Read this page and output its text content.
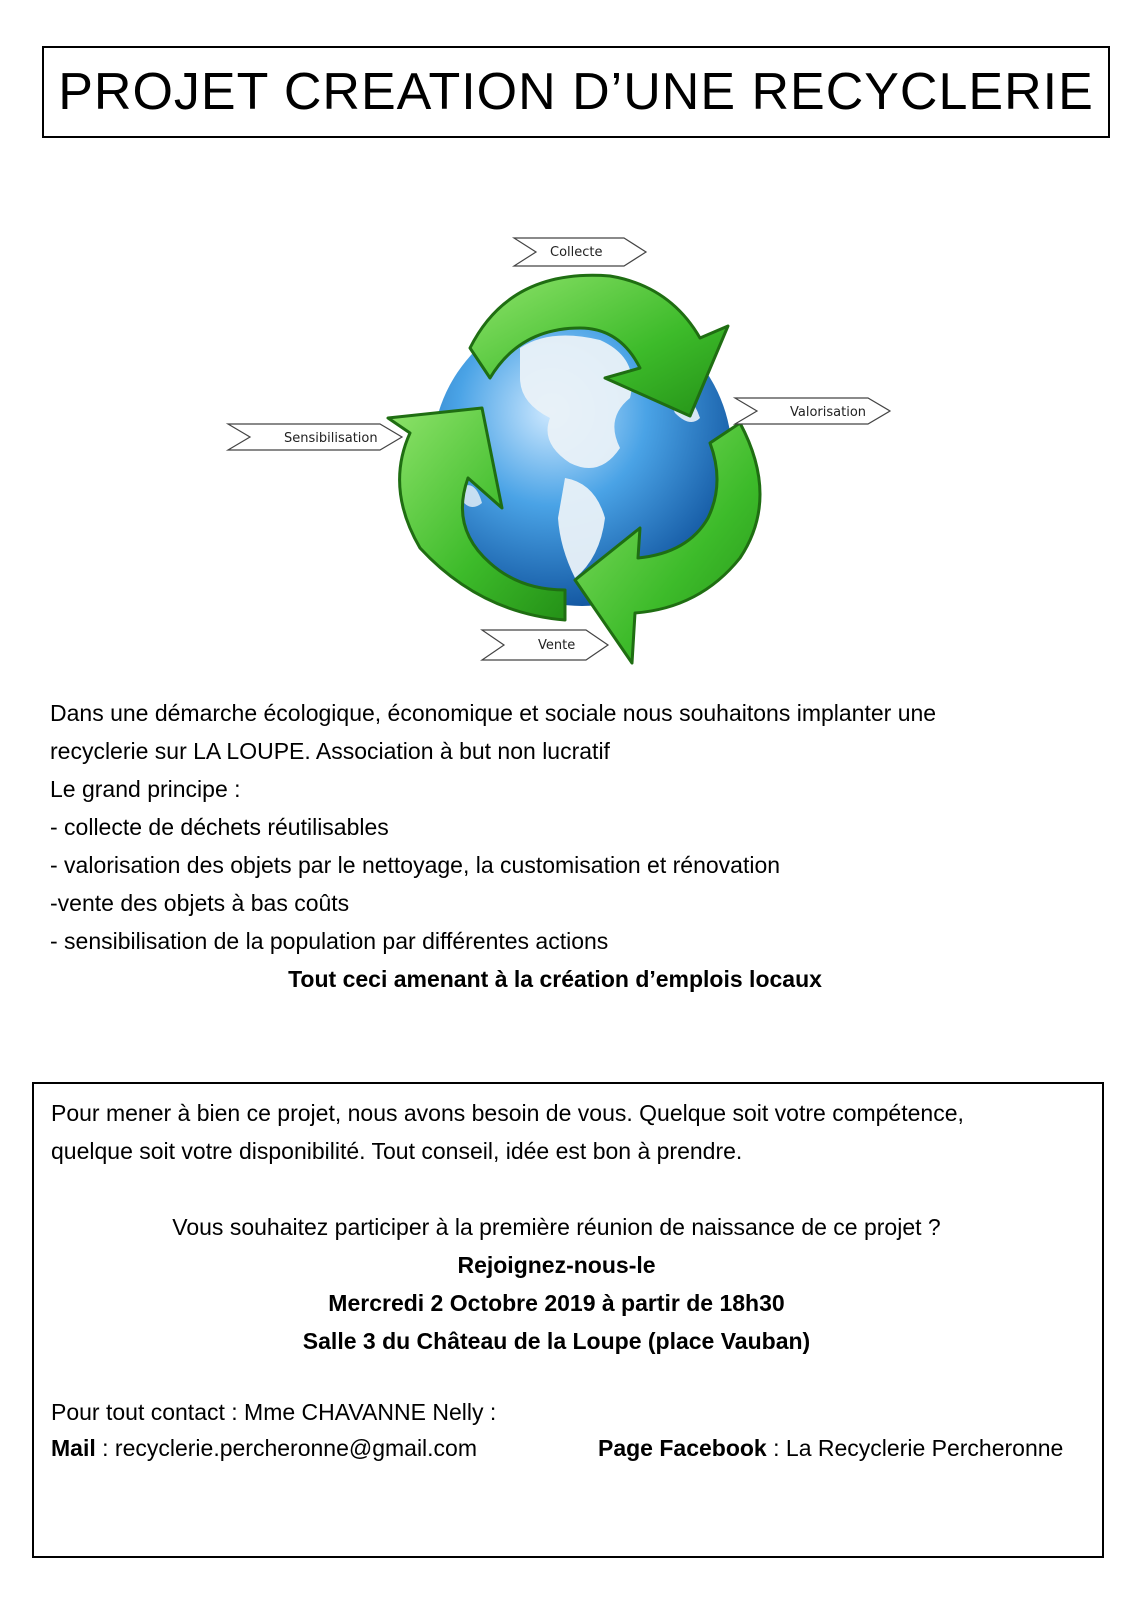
PROJET CREATION D’UNE RECYCLERIE
Collecte
Valorisation
Sensibilisation
Vente

Dans une démarche écologique, économique et sociale nous souhaitons implanter une

recyclerie sur LA LOUPE. Association à but non lucratif

Le grand principe :

- collecte de déchets réutilisables

- valorisation des objets par le nettoyage, la customisation et rénovation

-vente des objets à bas coûts

- sensibilisation de la population par différentes actions

Tout ceci amenant à la création d’emplois locaux

Pour mener à bien ce projet, nous avons besoin de vous. Quelque soit votre compétence,

quelque soit votre disponibilité. Tout conseil, idée est bon à prendre.

Vous souhaitez participer à la première réunion de naissance de ce projet ?

Rejoignez-nous-le

Mercredi 2 Octobre 2019 à partir de 18h30

Salle 3 du Château de la Loupe (place Vauban)

Pour tout contact : Mme CHAVANNE Nelly :

Mail : recyclerie.percheronne@gmail.com	Page Facebook : La Recyclerie Percheronne
